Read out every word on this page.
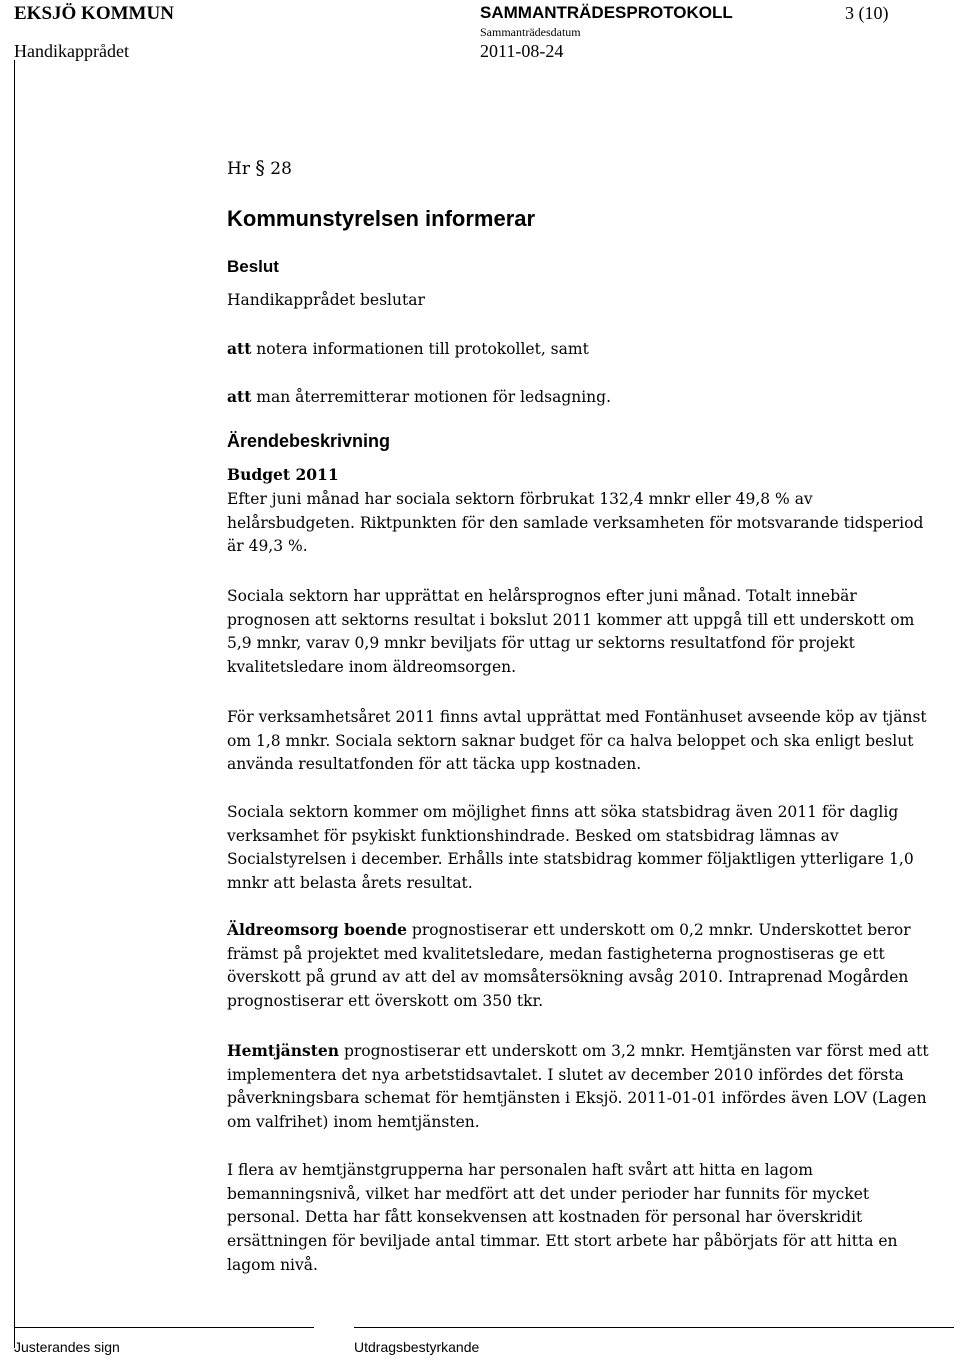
EKSJÖ KOMMUN	SAMMANTRÄDESPROTOKOLL	3 (10)
Handikapprådet
Sammanträdesdatum
2011-08-24
Hr § 28
Kommunstyrelsen informerar
Beslut
Handikapprådet beslutar
att notera informationen till protokollet, samt
att man återremitterar motionen för ledsagning.
Ärendebeskrivning
Budget 2011
Efter juni månad har sociala sektorn förbrukat 132,4 mnkr eller 49,8 % av helårsbudgeten. Riktpunkten för den samlade verksamheten för motsvarande tidsperiod är 49,3 %.
Sociala sektorn har upprättat en helårsprognos efter juni månad. Totalt innebär prognosen att sektorns resultat i bokslut 2011 kommer att uppgå till ett underskott om 5,9 mnkr, varav 0,9 mnkr beviljats för uttag ur sektorns resultatfond för projekt kvalitetsledare inom äldreomsorgen.
För verksamhetsåret 2011 finns avtal upprättat med Fontänhuset avseende köp av tjänst om 1,8 mnkr. Sociala sektorn saknar budget för ca halva beloppet och ska enligt beslut använda resultatfonden för att täcka upp kostnaden.
Sociala sektorn kommer om möjlighet finns att söka statsbidrag även 2011 för daglig verksamhet för psykiskt funktionshindrade. Besked om statsbidrag lämnas av Socialstyrelsen i december. Erhålls inte statsbidrag kommer följaktligen ytterligare 1,0 mnkr att belasta årets resultat.
Äldreomsorg boende prognostiserar ett underskott om 0,2 mnkr. Underskottet beror främst på projektet med kvalitetsledare, medan fastigheterna prognostiseras ge ett överskott på grund av att del av momsåtersökning avsåg 2010. Intraprenad Mogården prognostiserar ett överskott om 350 tkr.
Hemtjänsten prognostiserar ett underskott om 3,2 mnkr. Hemtjänsten var först med att implementera det nya arbetstidsavtalet. I slutet av december 2010 infördes det första påverkningsbara schemat för hemtjänsten i Eksjö. 2011-01-01 infördes även LOV (Lagen om valfrihet) inom hemtjänsten.
I flera av hemtjänstgrupperna har personalen haft svårt att hitta en lagom bemanningsnivå, vilket har medfört att det under perioder har funnits för mycket personal. Detta har fått konsekvensen att kostnaden för personal har överskridit ersättningen för beviljade antal timmar. Ett stort arbete har påbörjats för att hitta en lagom nivå.
Justerandes sign	Utdragsbestyrkande
